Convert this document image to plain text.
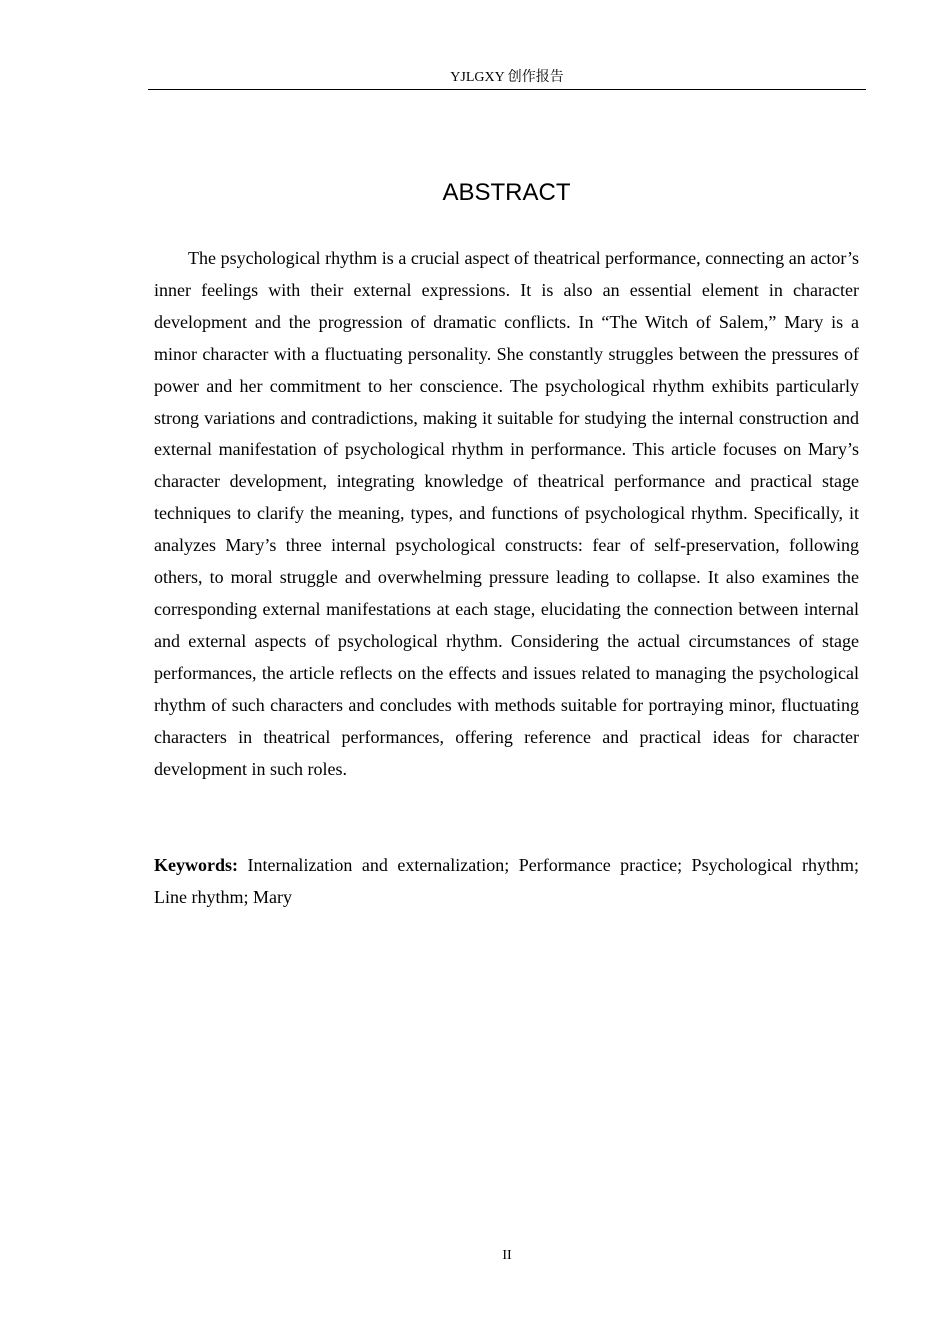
YJLGXY 创作报告
ABSTRACT

The psychological rhythm is a crucial aspect of theatrical performance, connecting an actor’s inner feelings with their external expressions. It is also an essential element in character development and the progression of dramatic conflicts. In “The Witch of Salem,” Mary is a minor character with a fluctuating personality. She constantly struggles between the pressures of power and her commitment to her conscience. The psychological rhythm exhibits particularly strong variations and contradictions, making it suitable for studying the internal construction and external manifestation of psychological rhythm in performance. This article focuses on Mary’s character development, integrating knowledge of theatrical performance and practical stage techniques to clarify the meaning, types, and functions of psychological rhythm. Specifically, it analyzes Mary’s three internal psychological constructs: fear of self-preservation, following others, to moral struggle and overwhelming pressure leading to collapse. It also examines the corresponding external manifestations at each stage, elucidating the connection between internal and external aspects of psychological rhythm. Considering the actual circumstances of stage performances, the article reflects on the effects and issues related to managing the psychological rhythm of such characters and concludes with methods suitable for portraying minor, fluctuating characters in theatrical performances, offering reference and practical ideas for character development in such roles.

Keywords: Internalization and externalization; Performance practice; Psychological rhythm; Line rhythm; Mary

II
